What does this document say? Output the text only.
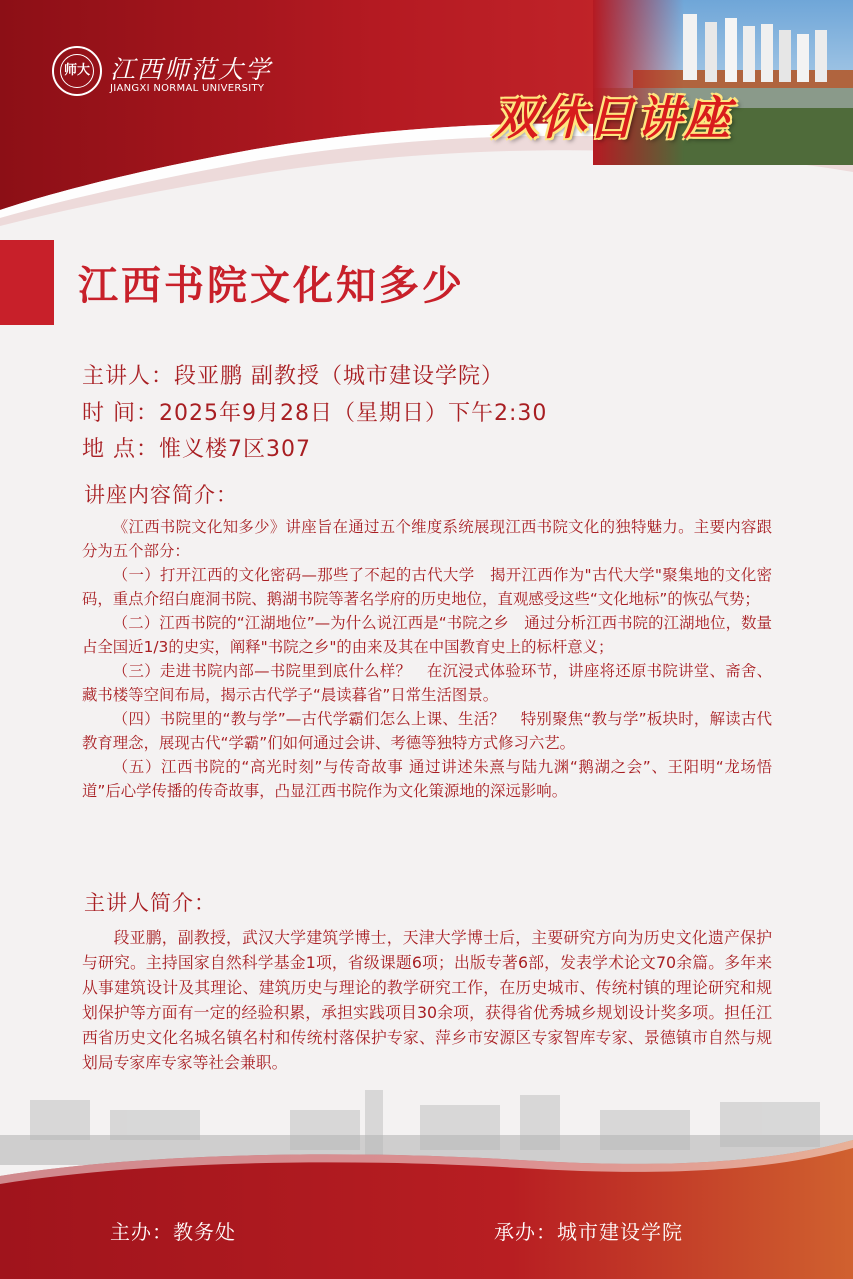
师大 江西师范大学
JIANGXI NORMAL UNIVERSITY
双休日讲座
江西书院文化知多少
主讲人：段亚鹏 副教授（城市建设学院）
时 间：2025年9月28日（星期日）下午2:30
地 点：惟义楼7区307
讲座内容简介：

《江西书院文化知多少》讲座旨在通过五个维度系统展现江西书院文化的独特魅力。主要内容跟分为五个部分：

（一）打开江西的文化密码—那些了不起的古代大学　揭开江西作为"古代大学"聚集地的文化密码，重点介绍白鹿洞书院、鹅湖书院等著名学府的历史地位，直观感受这些“文化地标”的恢弘气势；

（二）江西书院的“江湖地位”—为什么说江西是“书院之乡　通过分析江西书院的江湖地位，数量占全国近1/3的史实，阐释"书院之乡"的由来及其在中国教育史上的标杆意义；

（三）走进书院内部—书院里到底什么样？　在沉浸式体验环节，讲座将还原书院讲堂、斋舍、藏书楼等空间布局，揭示古代学子“晨读暮省”日常生活图景。

（四）书院里的“教与学”—古代学霸们怎么上课、生活？　特别聚焦“教与学”板块时，解读古代教育理念，展现古代“学霸”们如何通过会讲、考德等独特方式修习六艺。

（五）江西书院的“高光时刻”与传奇故事 通过讲述朱熹与陆九渊“鹅湖之会”、王阳明“龙场悟道”后心学传播的传奇故事，凸显江西书院作为文化策源地的深远影响。

主讲人简介：

段亚鹏，副教授，武汉大学建筑学博士，天津大学博士后，主要研究方向为历史文化遗产保护与研究。主持国家自然科学基金1项，省级课题6项；出版专著6部，发表学术论文70余篇。多年来从事建筑设计及其理论、建筑历史与理论的教学研究工作，在历史城市、传统村镇的理论研究和规划保护等方面有一定的经验积累，承担实践项目30余项，获得省优秀城乡规划设计奖多项。担任江西省历史文化名城名镇名村和传统村落保护专家、萍乡市安源区专家智库专家、景德镇市自然与规划局专家库专家等社会兼职。

主办：教务处	承办：城市建设学院
